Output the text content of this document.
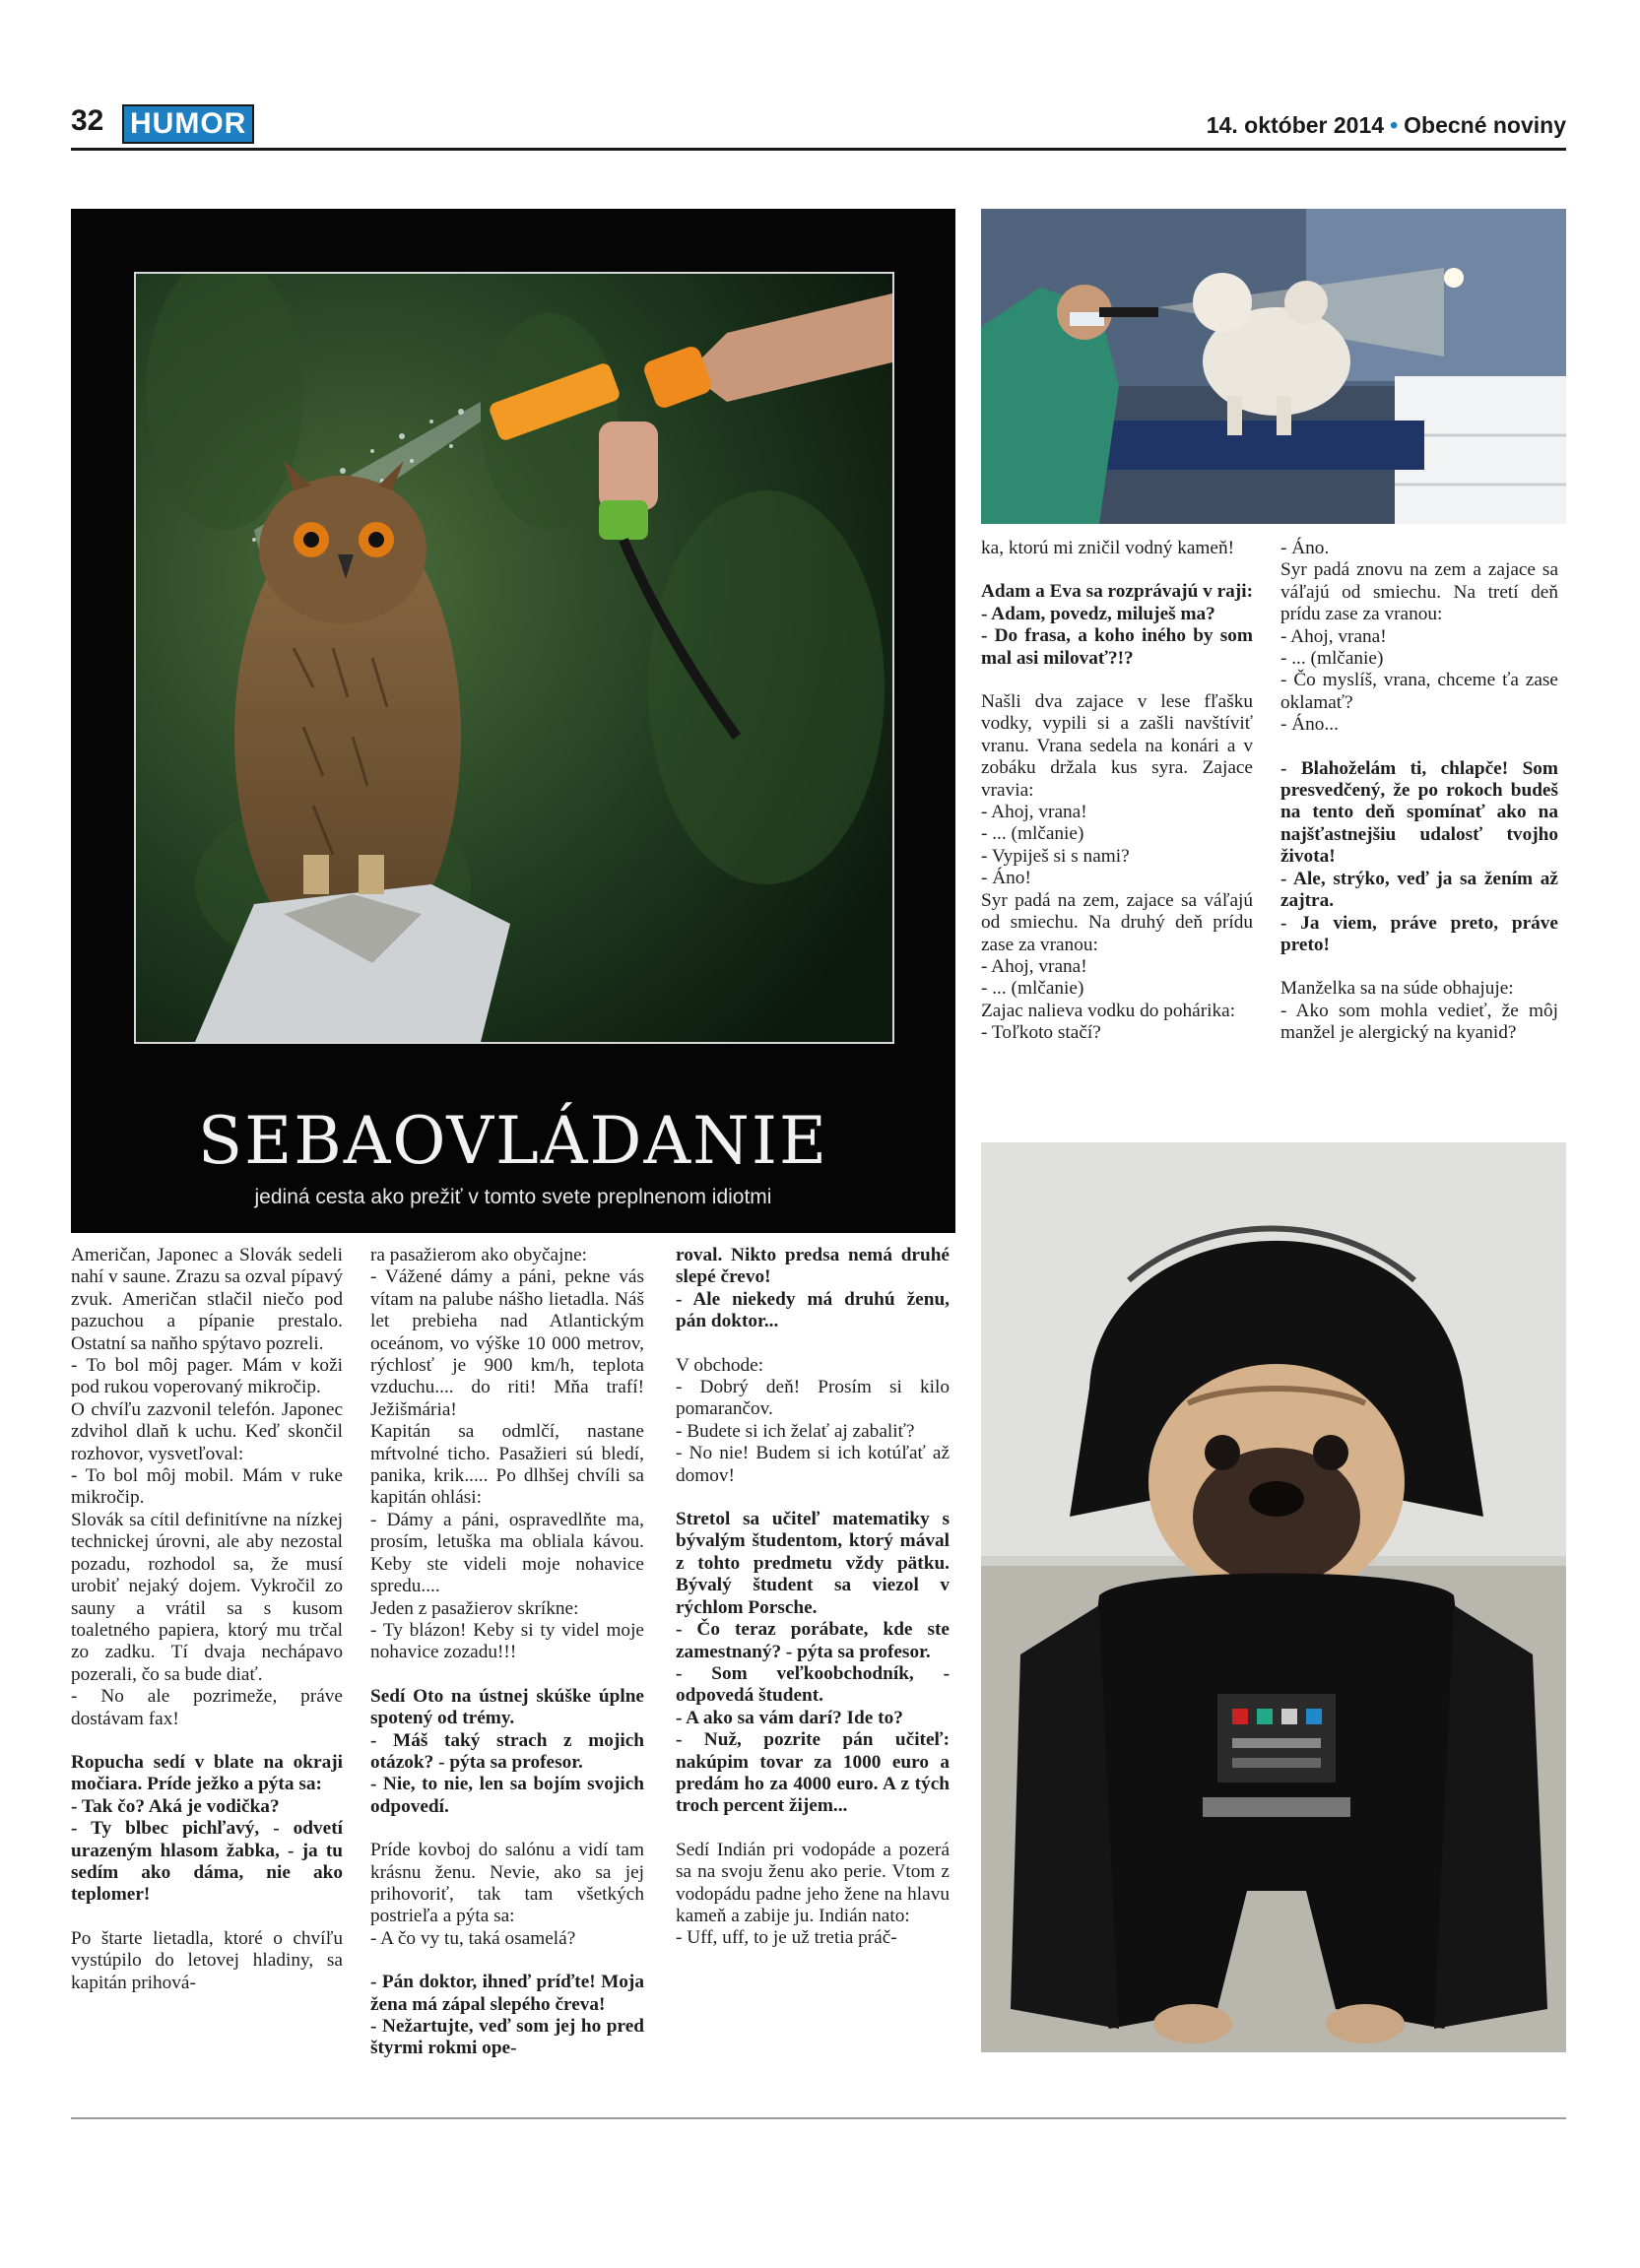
32 HUMOR	14. október 2014 • Obecné noviny
SEBAOVLÁDANIE
jediná cesta ako prežiť v tomto svete preplnenom idiotmi

Američan, Japonec a Slovák sedeli nahí v saune. Zrazu sa ozval pípavý zvuk. Američan stlačil niečo pod pazuchou a pípanie prestalo. Ostatní sa naňho spýtavo pozreli.
- To bol môj pager. Mám v koži pod rukou voperovaný mikročip.
O chvíľu zazvonil telefón. Japonec zdvihol dlaň k uchu. Keď skončil rozhovor, vysvetľoval:
- To bol môj mobil. Mám v ruke mikročip.
Slovák sa cítil definitívne na nízkej technickej úrovni, ale aby nezostal pozadu, rozhodol sa, že musí urobiť nejaký dojem. Vykročil zo sauny a vrátil sa s kusom toaletného papiera, ktorý mu trčal zo zadku. Tí dvaja nechápavo pozerali, čo sa bude diať.
- No ale pozrimeže, práve dostávam fax!

Ropucha sedí v blate na okraji močiara. Príde ježko a pýta sa:
- Tak čo? Aká je vodička?
- Ty blbec pichľavý, - odvetí urazeným hlasom žabka, - ja tu sedím ako dáma, nie ako teplomer!

Po štarte lietadla, ktoré o chvíľu vystúpilo do letovej hladiny, sa kapitán prihová-

ra pasažierom ako obyčajne:
- Vážené dámy a páni, pekne vás vítam na palube nášho lietadla. Náš let prebieha nad Atlantickým oceánom, vo výške 10 000 metrov, rýchlosť je 900 km/h, teplota vzduchu.... do riti! Mňa trafí! Ježišmária!
Kapitán sa odmlčí, nastane mŕtvolné ticho. Pasažieri sú bledí, panika, krik..... Po dlhšej chvíli sa kapitán ohlási:
- Dámy a páni, ospravedlňte ma, prosím, letuška ma obliala kávou. Keby ste videli moje nohavice spredu....
Jeden z pasažierov skríkne:
- Ty blázon! Keby si ty videl moje nohavice zozadu!!!

Sedí Oto na ústnej skúške úplne spotený od trémy.
- Máš taký strach z mojich otázok? - pýta sa profesor.
- Nie, to nie, len sa bojím svojich odpovedí.

Príde kovboj do salónu a vidí tam krásnu ženu. Nevie, ako sa jej prihovoriť, tak tam všetkých postrieľa a pýta sa:
- A čo vy tu, taká osamelá?

- Pán doktor, ihneď príďte! Moja žena má zápal slepého čreva!
- Nežartujte, veď som jej ho pred štyrmi rokmi ope-

roval. Nikto predsa nemá druhé slepé črevo!
- Ale niekedy má druhú ženu, pán doktor...

V obchode:
- Dobrý deň! Prosím si kilo pomarančov.
- Budete si ich želať aj zabaliť?
- No nie! Budem si ich kotúľať až domov!

Stretol sa učiteľ matematiky s bývalým študentom, ktorý mával z tohto predmetu vždy pätku. Bývalý študent sa viezol v rýchlom Porsche.
- Čo teraz porábate, kde ste zamestnaný? - pýta sa profesor.
- Som veľkoobchodník, - odpovedá študent.
- A ako sa vám darí? Ide to?
- Nuž, pozrite pán učiteľ: nakúpim tovar za 1000 euro a predám ho za 4000 euro. A z tých troch percent žijem...

Sedí Indián pri vodopáde a pozerá sa na svoju ženu ako perie. Vtom z vodopádu padne jeho žene na hlavu kameň a zabije ju. Indián nato:
- Uff, uff, to je už tretia práč-

ka, ktorú mi zničil vodný kameň!

Adam a Eva sa rozprávajú v raji:
- Adam, povedz, miluješ ma?
- Do frasa, a koho iného by som mal asi milovať?!?

Našli dva zajace v lese fľašku vodky, vypili si a zašli navštíviť vranu. Vrana sedela na konári a v zobáku držala kus syra. Zajace vravia:
- Ahoj, vrana!
- ... (mlčanie)
- Vypiješ si s nami?
- Áno!
Syr padá na zem, zajace sa váľajú od smiechu. Na druhý deň prídu zase za vranou:
- Ahoj, vrana!
- ... (mlčanie)
Zajac nalieva vodku do pohárika:
- Toľkoto stačí?

- Áno.
Syr padá znovu na zem a zajace sa váľajú od smiechu. Na tretí deň prídu zase za vranou:
- Ahoj, vrana!
- ... (mlčanie)
- Čo myslíš, vrana, chceme ťa zase oklamať?
- Áno...

- Blahoželám ti, chlapče! Som presvedčený, že po rokoch budeš na tento deň spomínať ako na najšťastnejšiu udalosť tvojho života!
- Ale, strýko, veď ja sa žením až zajtra.
- Ja viem, práve preto, práve preto!

Manželka sa na súde obhajuje:
- Ako som mohla vedieť, že môj manžel je alergický na kyanid?
